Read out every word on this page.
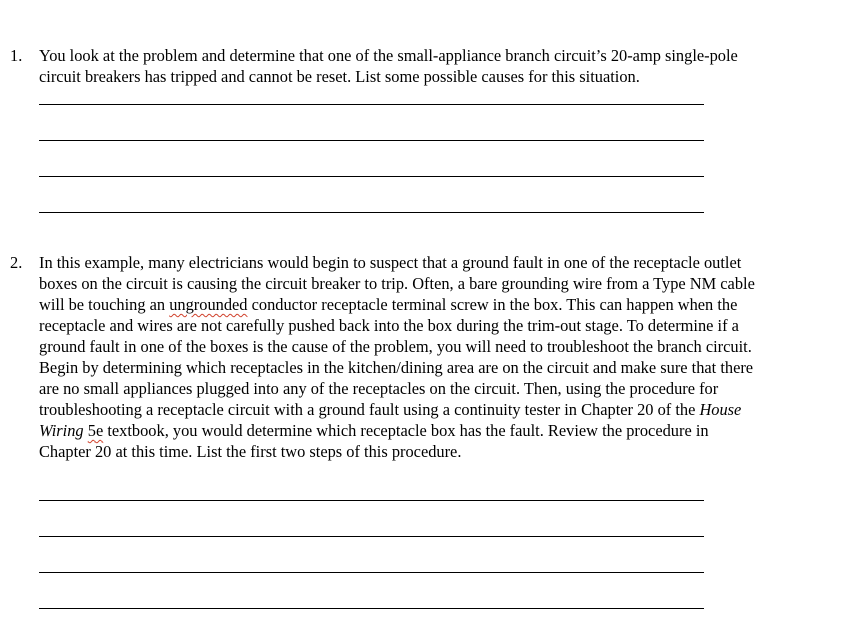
1.	You look at the problem and determine that one of the small-appliance branch circuit’s 20-amp single-pole circuit breakers has tripped and cannot be reset. List some possible causes for this situation.

2.	In this example, many electricians would begin to suspect that a ground fault in one of the receptacle outlet boxes on the circuit is causing the circuit breaker to trip. Often, a bare grounding wire from a Type NM cable will be touching an ungrounded conductor receptacle terminal screw in the box. This can happen when the receptacle and wires are not carefully pushed back into the box during the trim-out stage. To determine if a ground fault in one of the boxes is the cause of the problem, you will need to troubleshoot the branch circuit. Begin by determining which receptacles in the kitchen/dining area are on the circuit and make sure that there are no small appliances plugged into any of the receptacles on the circuit. Then, using the procedure for troubleshooting a receptacle circuit with a ground fault using a continuity tester in Chapter 20 of the House Wiring 5e textbook, you would determine which receptacle box has the fault. Review the procedure in Chapter 20 at this time. List the first two steps of this procedure.
